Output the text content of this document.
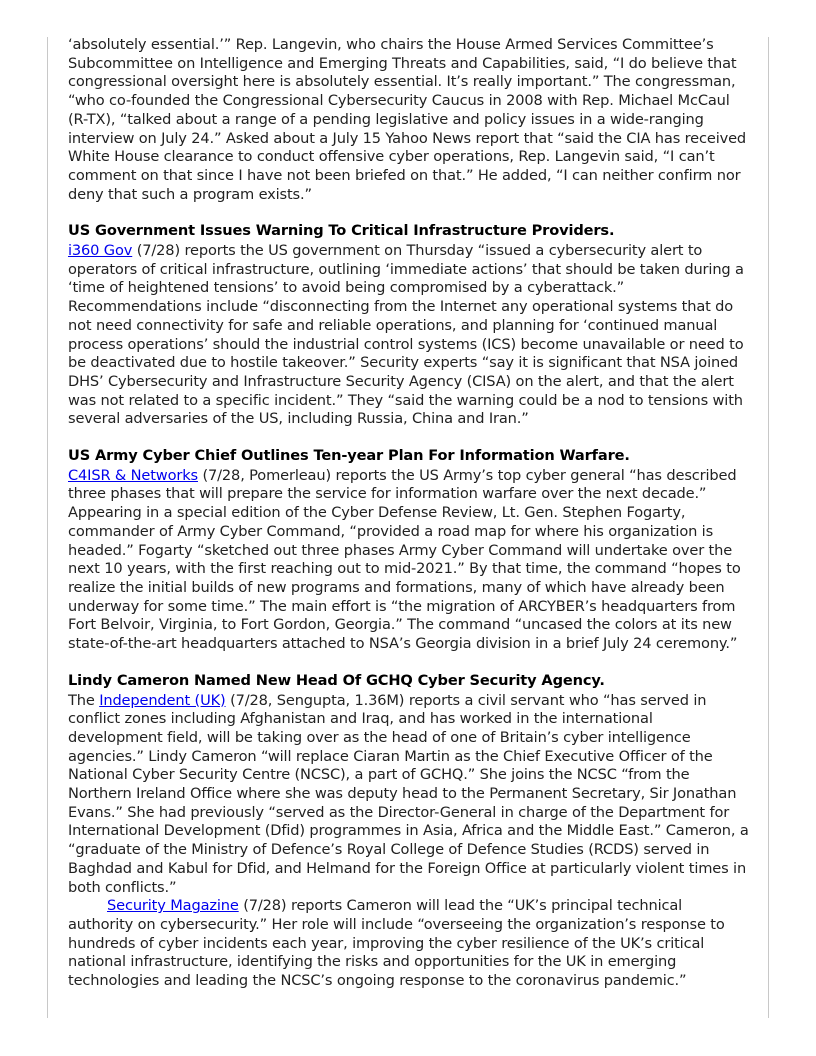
‘absolutely essential.’” Rep. Langevin, who chairs the House Armed Services Committee’s Subcommittee on Intelligence and Emerging Threats and Capabilities, said, “I do believe that congressional oversight here is absolutely essential. It’s really important.” The congressman, “who co-founded the Congressional Cybersecurity Caucus in 2008 with Rep. Michael McCaul (R-TX), “talked about a range of a pending legislative and policy issues in a wide-ranging interview on July 24.” Asked about a July 15 Yahoo News report that “said the CIA has received White House clearance to conduct offensive cyber operations, Rep. Langevin said, “I can’t comment on that since I have not been briefed on that.” He added, “I can neither confirm nor deny that such a program exists.”

US Government Issues Warning To Critical Infrastructure Providers.

i360 Gov (7/28) reports the US government on Thursday “issued a cybersecurity alert to operators of critical infrastructure, outlining ‘immediate actions’ that should be taken during a ‘time of heightened tensions’ to avoid being compromised by a cyberattack.” Recommendations include “disconnecting from the Internet any operational systems that do not need connectivity for safe and reliable operations, and planning for ‘continued manual process operations’ should the industrial control systems (ICS) become unavailable or need to be deactivated due to hostile takeover.” Security experts “say it is significant that NSA joined DHS’ Cybersecurity and Infrastructure Security Agency (CISA) on the alert, and that the alert was not related to a specific incident.” They “said the warning could be a nod to tensions with several adversaries of the US, including Russia, China and Iran.”

US Army Cyber Chief Outlines Ten-year Plan For Information Warfare.

C4ISR & Networks (7/28, Pomerleau) reports the US Army’s top cyber general “has described three phases that will prepare the service for information warfare over the next decade.” Appearing in a special edition of the Cyber Defense Review, Lt. Gen. Stephen Fogarty, commander of Army Cyber Command, “provided a road map for where his organization is headed.” Fogarty “sketched out three phases Army Cyber Command will undertake over the next 10 years, with the first reaching out to mid-2021.” By that time, the command “hopes to realize the initial builds of new programs and formations, many of which have already been underway for some time.” The main effort is “the migration of ARCYBER’s headquarters from Fort Belvoir, Virginia, to Fort Gordon, Georgia.” The command “uncased the colors at its new state-of-the-art headquarters attached to NSA’s Georgia division in a brief July 24 ceremony.”

Lindy Cameron Named New Head Of GCHQ Cyber Security Agency.

The Independent (UK) (7/28, Sengupta, 1.36M) reports a civil servant who “has served in conflict zones including Afghanistan and Iraq, and has worked in the international development field, will be taking over as the head of one of Britain’s cyber intelligence agencies.” Lindy Cameron “will replace Ciaran Martin as the Chief Executive Officer of the National Cyber Security Centre (NCSC), a part of GCHQ.” She joins the NCSC “from the Northern Ireland Office where she was deputy head to the Permanent Secretary, Sir Jonathan Evans.” She had previously “served as the Director-General in charge of the Department for International Development (Dfid) programmes in Asia, Africa and the Middle East.” Cameron, a “graduate of the Ministry of Defence’s Royal College of Defence Studies (RCDS) served in Baghdad and Kabul for Dfid, and Helmand for the Foreign Office at particularly violent times in both conflicts.”

Security Magazine (7/28) reports Cameron will lead the “UK’s principal technical authority on cybersecurity.” Her role will include “overseeing the organization’s response to hundreds of cyber incidents each year, improving the cyber resilience of the UK’s critical national infrastructure, identifying the risks and opportunities for the UK in emerging technologies and leading the NCSC’s ongoing response to the coronavirus pandemic.”
